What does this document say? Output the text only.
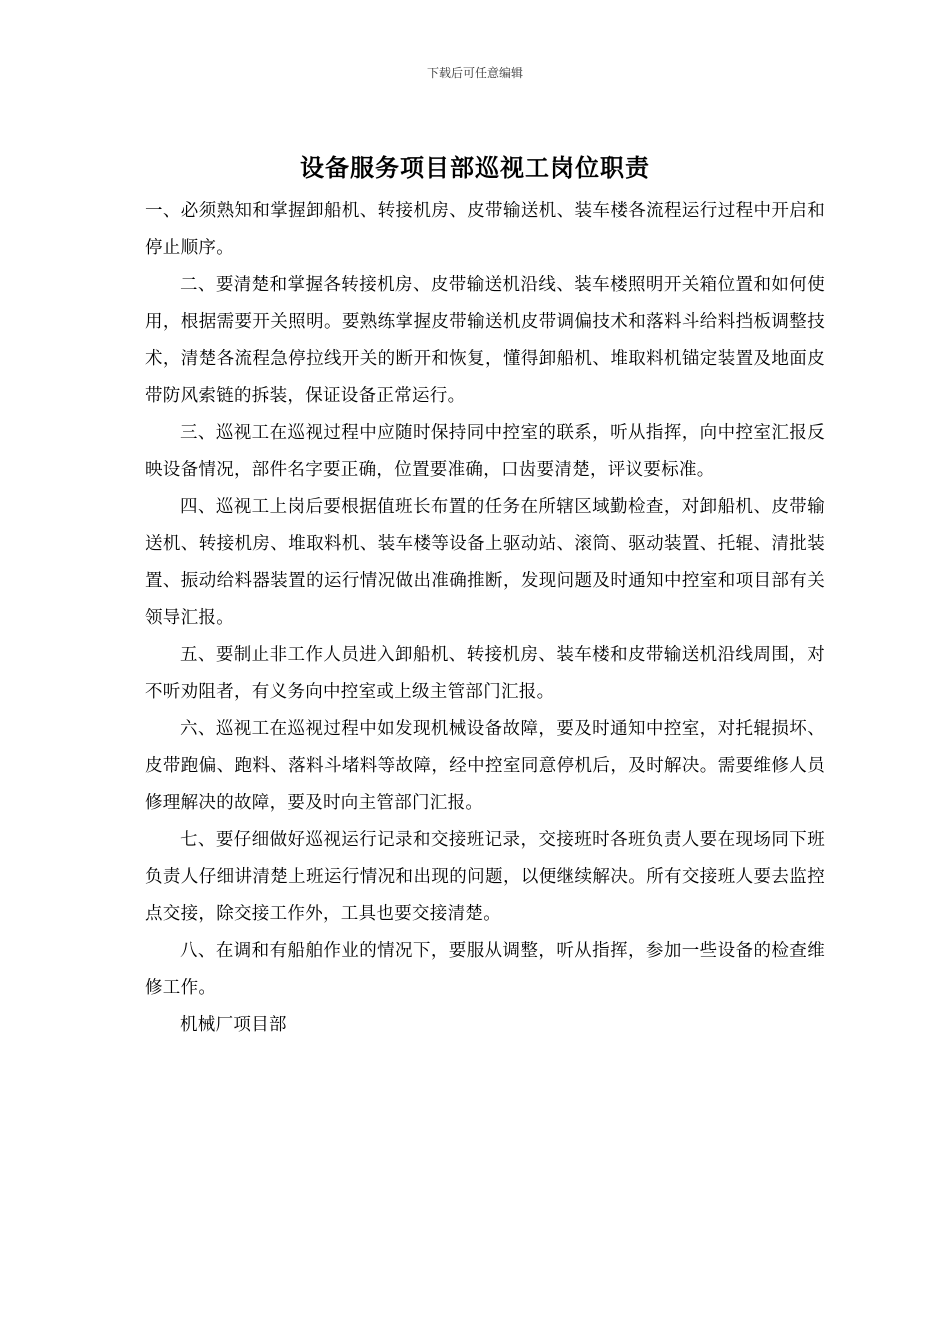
下载后可任意编辑
设备服务项目部巡视工岗位职责

一、必须熟知和掌握卸船机、转接机房、皮带输送机、装车楼各流程运行过程中开启和停止顺序。

二、要清楚和掌握各转接机房、皮带输送机沿线、装车楼照明开关箱位置和如何使用，根据需要开关照明。要熟练掌握皮带输送机皮带调偏技术和落料斗给料挡板调整技术，清楚各流程急停拉线开关的断开和恢复，懂得卸船机、堆取料机锚定装置及地面皮带防风索链的拆装，保证设备正常运行。

三、巡视工在巡视过程中应随时保持同中控室的联系，听从指挥，向中控室汇报反映设备情况，部件名字要正确，位置要准确，口齿要清楚，评议要标准。

四、巡视工上岗后要根据值班长布置的任务在所辖区域勤检查，对卸船机、皮带输送机、转接机房、堆取料机、装车楼等设备上驱动站、滚筒、驱动装置、托辊、清批装置、振动给料器装置的运行情况做出准确推断，发现问题及时通知中控室和项目部有关领导汇报。

五、要制止非工作人员进入卸船机、转接机房、装车楼和皮带输送机沿线周围，对不听劝阻者，有义务向中控室或上级主管部门汇报。

六、巡视工在巡视过程中如发现机械设备故障，要及时通知中控室，对托辊损坏、皮带跑偏、跑料、落料斗堵料等故障，经中控室同意停机后，及时解决。需要维修人员修理解决的故障，要及时向主管部门汇报。

七、要仔细做好巡视运行记录和交接班记录，交接班时各班负责人要在现场同下班负责人仔细讲清楚上班运行情况和出现的问题，以便继续解决。所有交接班人要去监控点交接，除交接工作外，工具也要交接清楚。

八、在调和有船舶作业的情况下，要服从调整，听从指挥，参加一些设备的检查维修工作。

机械厂项目部
